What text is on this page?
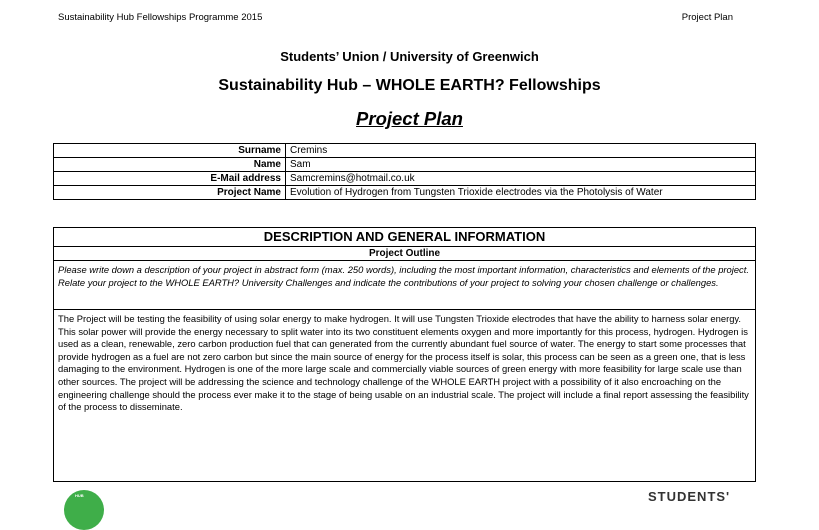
Sustainability Hub Fellowships Programme 2015	Project Plan
Students’ Union / University of Greenwich
Sustainability Hub – WHOLE EARTH? Fellowships
Project Plan
Surname	Cremins
Name	Sam
E-Mail address	Samcremins@hotmail.co.uk
Project Name	Evolution of Hydrogen from Tungsten Trioxide electrodes via the Photolysis of Water
DESCRIPTION AND GENERAL INFORMATION
Project Outline
Please write down a description of your project in abstract form (max. 250 words), including the most important information, characteristics and elements of the project. Relate your project to the WHOLE EARTH? University Challenges and indicate the contributions of your project to solving your chosen challenge or challenges.
The Project will be testing the feasibility of using solar energy to make hydrogen. It will use Tungsten Trioxide electrodes that have the ability to harness solar energy. This solar power will provide the energy necessary to split water into its two constituent elements oxygen and more importantly for this process, hydrogen. Hydrogen is used as a clean, renewable, zero carbon production fuel that can generated from the currently abundant fuel source of water. The energy to start some processes that provide hydrogen as a fuel are not zero carbon but since the main source of energy for the process itself is solar, this process can be seen as a green one, that is less damaging to the environment. Hydrogen is one of the more large scale and commercially viable sources of green energy with more feasibility for large scale use than other sources. The project will be addressing the science and technology challenge of the WHOLE EARTH project with a possibility of it also encroaching on the engineering challenge should the process ever make it to the stage of being usable on an industrial scale. The project will include a final report assessing the feasibility of the process to disseminate.
HUB	STUDENTS'
